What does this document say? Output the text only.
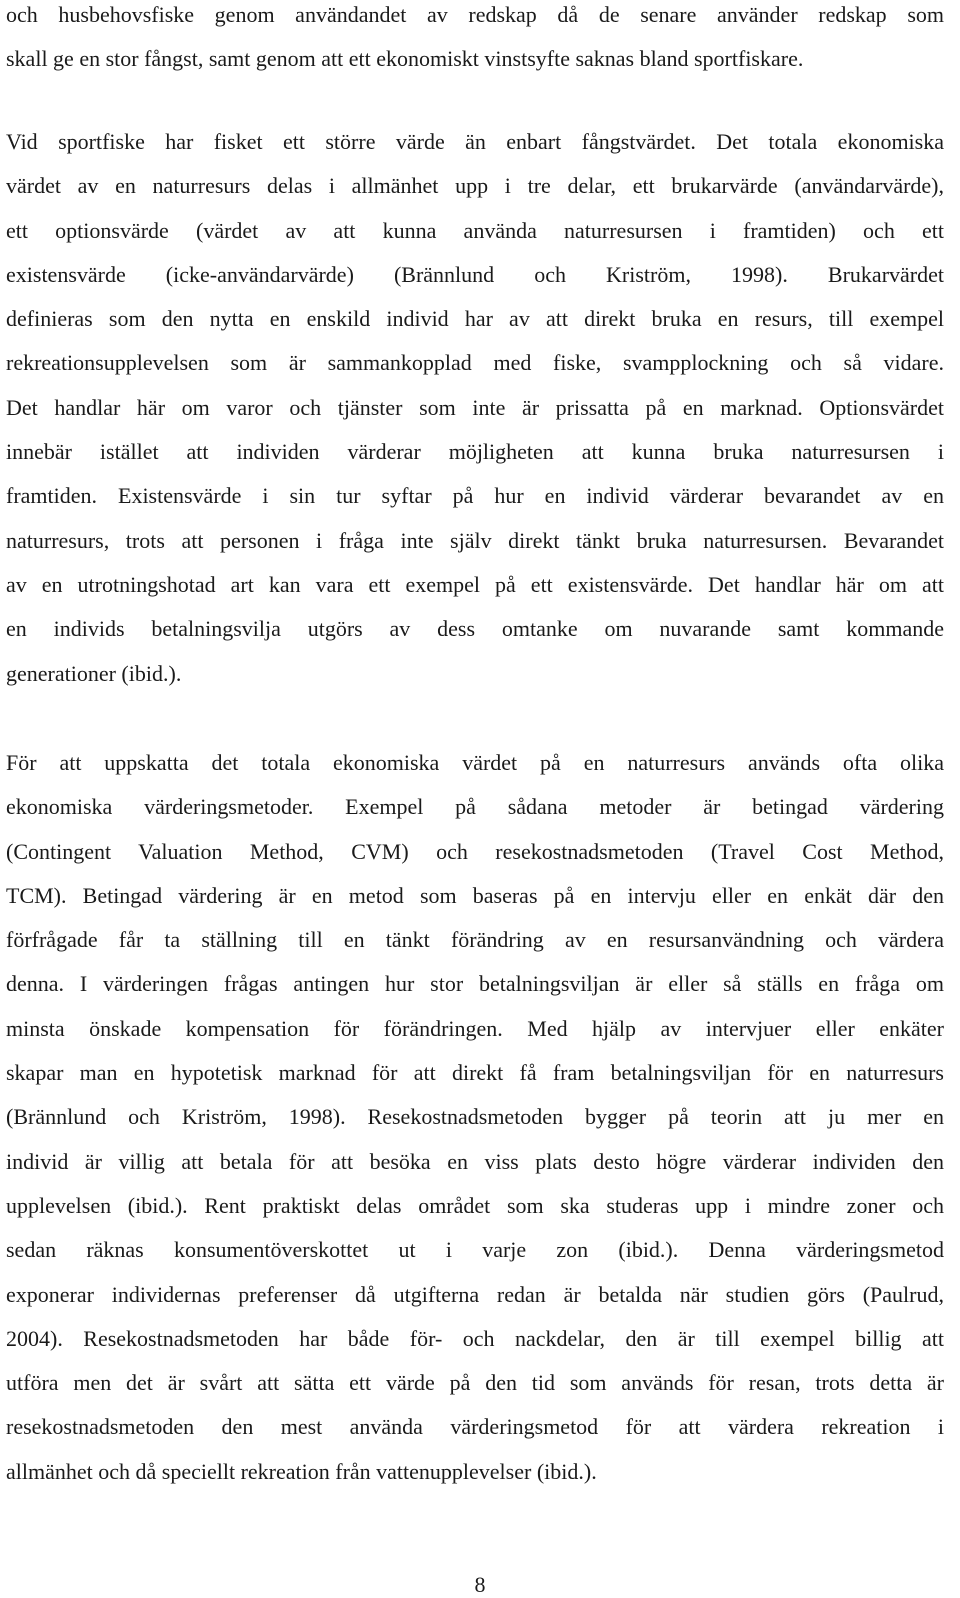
och husbehovsfiske genom användandet av redskap då de senare använder redskap som
skall ge en stor fångst, samt genom att ett ekonomiskt vinstsyfte saknas bland sportfiskare.
Vid sportfiske har fisket ett större värde än enbart fångstvärdet. Det totala ekonomiska
värdet av en naturresurs delas i allmänhet upp i tre delar, ett brukarvärde (användarvärde),
ett optionsvärde (värdet av att kunna använda naturresursen i framtiden) och ett
existensvärde (icke-användarvärde) (Brännlund och Kriström, 1998). Brukarvärdet
definieras som den nytta en enskild individ har av att direkt bruka en resurs, till exempel
rekreationsupplevelsen som är sammankopplad med fiske, svampplockning och så vidare.
Det handlar här om varor och tjänster som inte är prissatta på en marknad. Optionsvärdet
innebär istället att individen värderar möjligheten att kunna bruka naturresursen i
framtiden. Existensvärde i sin tur syftar på hur en individ värderar bevarandet av en
naturresurs, trots att personen i fråga inte själv direkt tänkt bruka naturresursen. Bevarandet
av en utrotningshotad art kan vara ett exempel på ett existensvärde. Det handlar här om att
en individs betalningsvilja utgörs av dess omtanke om nuvarande samt kommande
generationer (ibid.).
För att uppskatta det totala ekonomiska värdet på en naturresurs används ofta olika
ekonomiska värderingsmetoder. Exempel på sådana metoder är betingad värdering
(Contingent Valuation Method, CVM) och resekostnadsmetoden (Travel Cost Method,
TCM). Betingad värdering är en metod som baseras på en intervju eller en enkät där den
förfrågade får ta ställning till en tänkt förändring av en resursanvändning och värdera
denna. I värderingen frågas antingen hur stor betalningsviljan är eller så ställs en fråga om
minsta önskade kompensation för förändringen. Med hjälp av intervjuer eller enkäter
skapar man en hypotetisk marknad för att direkt få fram betalningsviljan för en naturresurs
(Brännlund och Kriström, 1998). Resekostnadsmetoden bygger på teorin att ju mer en
individ är villig att betala för att besöka en viss plats desto högre värderar individen den
upplevelsen (ibid.). Rent praktiskt delas området som ska studeras upp i mindre zoner och
sedan räknas konsumentöverskottet ut i varje zon (ibid.). Denna värderingsmetod
exponerar individernas preferenser då utgifterna redan är betalda när studien görs (Paulrud,
2004). Resekostnadsmetoden har både för- och nackdelar, den är till exempel billig att
utföra men det är svårt att sätta ett värde på den tid som används för resan, trots detta är
resekostnadsmetoden den mest använda värderingsmetod för att värdera rekreation i
allmänhet och då speciellt rekreation från vattenupplevelser (ibid.).
8
